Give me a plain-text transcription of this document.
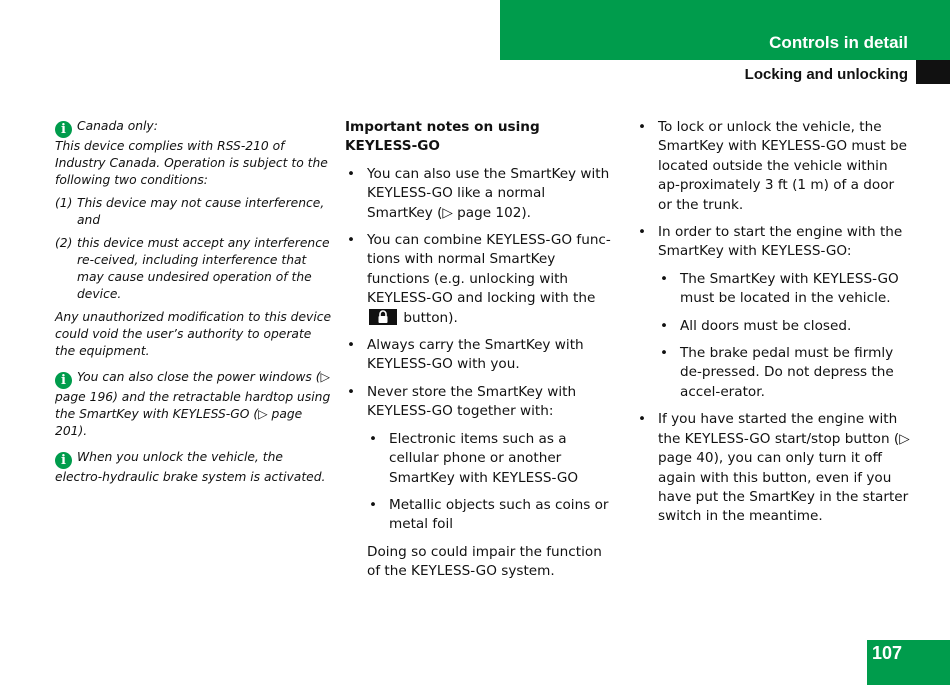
Controls in detail
Locking and unlocking

i Canada only:
This device complies with RSS-210 of Industry Canada. Operation is subject to the following two conditions:

(1) This device may not cause interference, and
(2) this device must accept any interference re-ceived, including interference that may cause undesired operation of the device.

Any unauthorized modification to this device could void the user’s authority to operate the equipment.

i You can also close the power windows (▷ page 196) and the retractable hardtop using the SmartKey with KEYLESS-GO (▷ page 201).

i When you unlock the vehicle, the electro-hydraulic brake system is activated.

Important notes on using KEYLESS-GO

• You can also use the SmartKey with KEYLESS-GO like a normal SmartKey (▷ page 102).
• You can combine KEYLESS-GO func-tions with normal SmartKey functions (e.g. unlocking with KEYLESS-GO and locking with the
button).
• Always carry the SmartKey with KEYLESS-GO with you.
• Never store the SmartKey with KEYLESS-GO together with:
• Electronic items such as a cellular phone or another SmartKey with KEYLESS-GO
• Metallic objects such as coins or metal foil

Doing so could impair the function of the KEYLESS-GO system.

• To lock or unlock the vehicle, the SmartKey with KEYLESS-GO must be located outside the vehicle within ap-proximately 3 ft (1 m) of a door or the trunk.
• In order to start the engine with the SmartKey with KEYLESS-GO:
• The SmartKey with KEYLESS-GO must be located in the vehicle.
• All doors must be closed.
• The brake pedal must be firmly de-pressed. Do not depress the accel-erator.
• If you have started the engine with the KEYLESS-GO start/stop button (▷ page 40), you can only turn it off again with this button, even if you have put the SmartKey in the starter switch in the meantime.
107
